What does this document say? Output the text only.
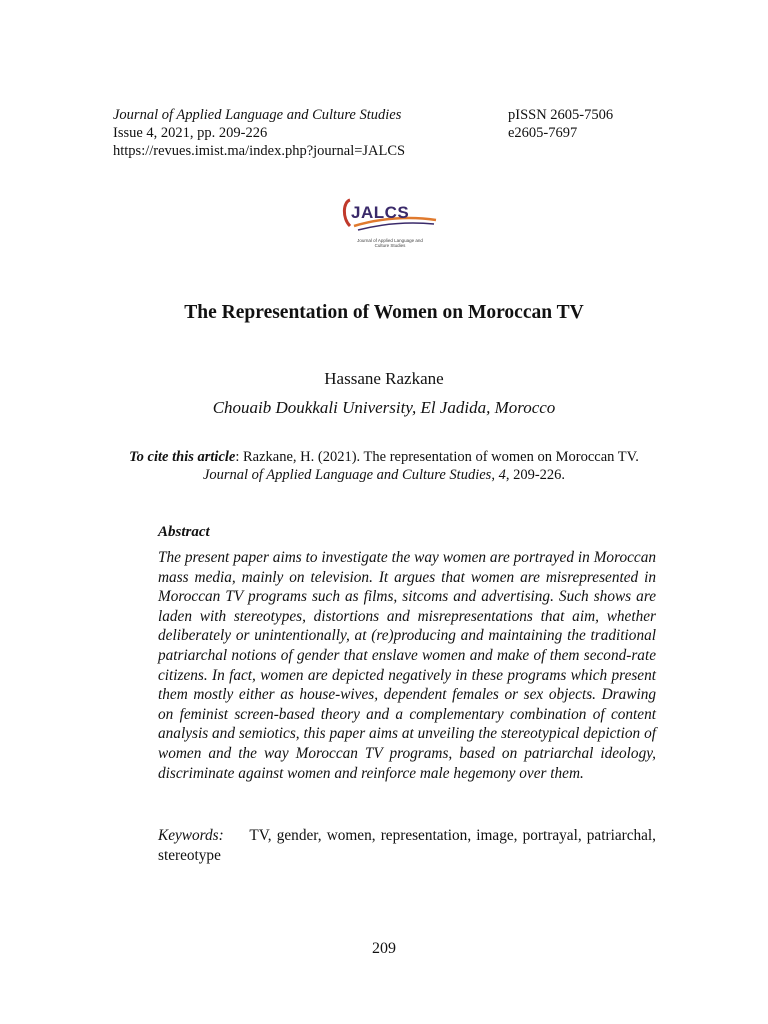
Journal of Applied Language and Culture Studies
Issue 4, 2021, pp. 209-226
https://revues.imist.ma/index.php?journal=JALCS
pISSN 2605-7506
e2605-7697
JALCS
Journal of Applied Language and
Culture Studies
The Representation of Women on Moroccan TV
Hassane Razkane
Chouaib Doukkali University, El Jadida, Morocco
To cite this article: Razkane, H. (2021). The representation of women on Moroccan TV.
Journal of Applied Language and Culture Studies, 4, 209-226.
Abstract
The present paper aims to investigate the way women are portrayed in Moroccan mass media, mainly on television. It argues that women are misrepresented in Moroccan TV programs such as films, sitcoms and advertising. Such shows are laden with stereotypes, distortions and misrepresentations that aim, whether deliberately or unintentionally, at (re)producing and maintaining the traditional patriarchal notions of gender that enslave women and make of them second-rate citizens. In fact, women are depicted negatively in these programs which present them mostly either as house-wives, dependent females or sex objects. Drawing on feminist screen-based theory and a complementary combination of content analysis and semiotics, this paper aims at unveiling the stereotypical depiction of women and the way Moroccan TV programs, based on patriarchal ideology, discriminate against women and reinforce male hegemony over them.
Keywords: TV, gender, women, representation, image, portrayal, patriarchal, stereotype
209
